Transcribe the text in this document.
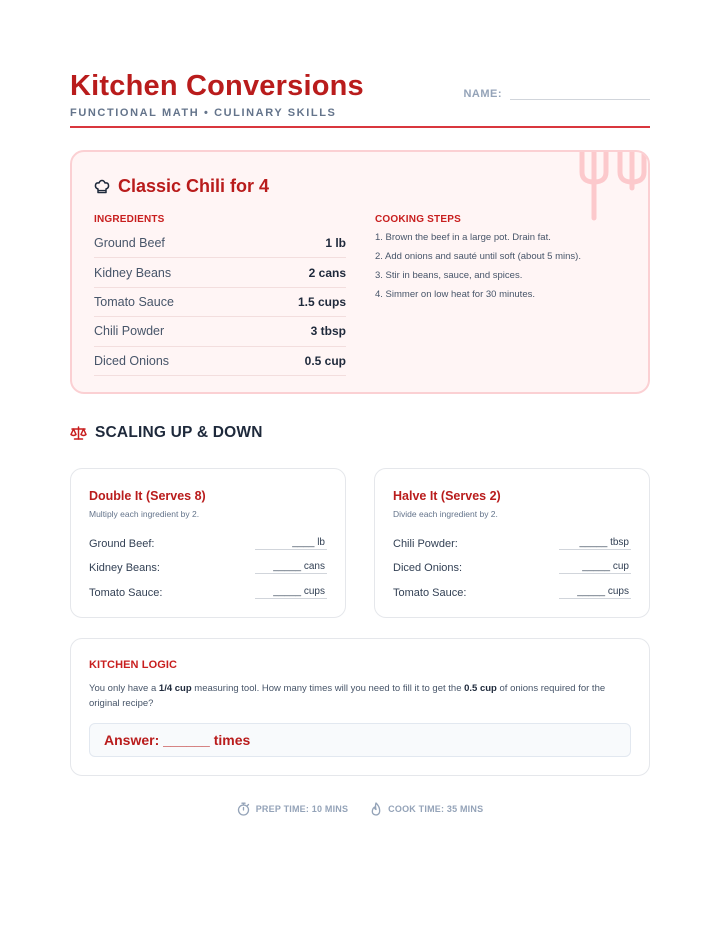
Kitchen Conversions
FUNCTIONAL MATH • CULINARY SKILLS
NAME:
Classic Chili for 4
INGREDIENTS
Ground Beef	1 lb
Kidney Beans	2 cans
Tomato Sauce	1.5 cups
Chili Powder	3 tbsp
Diced Onions	0.5 cup
COOKING STEPS
1. Brown the beef in a large pot. Drain fat.
2. Add onions and sauté until soft (about 5 mins).
3. Stir in beans, sauce, and spices.
4. Simmer on low heat for 30 minutes.
SCALING UP & DOWN
Double It (Serves 8)
Multiply each ingredient by 2.
Ground Beef:	____ lb
Kidney Beans:	_____ cans
Tomato Sauce:	_____ cups
Halve It (Serves 2)
Divide each ingredient by 2.
Chili Powder:	_____ tbsp
Diced Onions:	_____ cup
Tomato Sauce:	_____ cups
KITCHEN LOGIC
You only have a 1/4 cup measuring tool. How many times will you need to fill it to get the 0.5 cup of onions required for the original recipe?
Answer: ______ times
PREP TIME: 10 MINS	COOK TIME: 35 MINS
